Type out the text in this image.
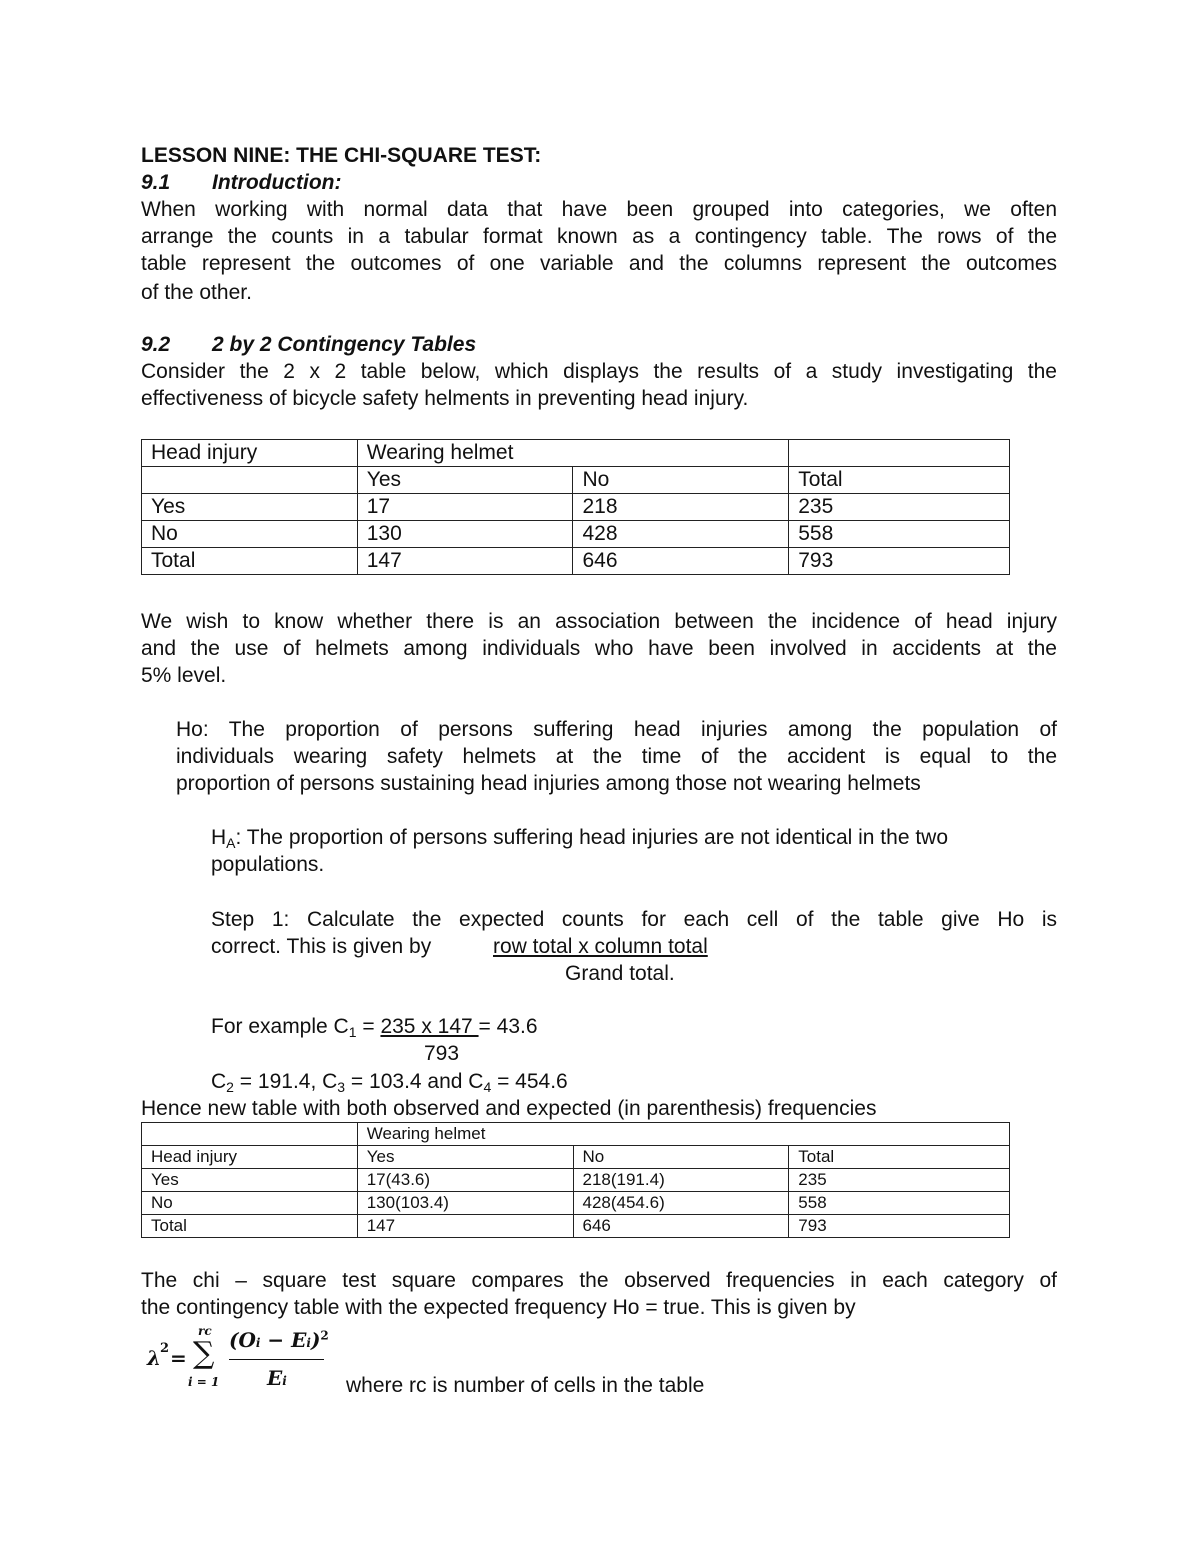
LESSON NINE: THE CHI-SQUARE TEST:
9.1 Introduction:
When working with normal data that have been grouped into categories, we often
arrange the counts in a tabular format known as a contingency table. The rows of the
table represent the outcomes of one variable and the columns represent the outcomes
of the other.
9.2 2 by 2 Contingency Tables
Consider the 2 x 2 table below, which displays the results of a study investigating the
effectiveness of bicycle safety helments in preventing head injury.
Head injury	Wearing helmet		
	Yes	No	Total
Yes	17	218	235
No	130	428	558
Total	147	646	793
We wish to know whether there is an association between the incidence of head injury
and the use of helmets among individuals who have been involved in accidents at the
5% level.
Ho: The proportion of persons suffering head injuries among the population of
individuals wearing safety helmets at the time of the accident is equal to the
proportion of persons sustaining head injuries among those not wearing helmets
HA: The proportion of persons suffering head injuries are not identical in the two
populations.
Step 1: Calculate the expected counts for each cell of the table give Ho is
correct. This is given by	row total x column total
Grand total.
For example C1 = 235 x 147 = 43.6
793
C2 = 191.4, C3 = 103.4 and C4 = 454.6
Hence new table with both observed and expected (in parenthesis) frequencies
	Wearing helmet		
Head injury	Yes	No	Total
Yes	17(43.6)	218(191.4)	235
No	130(103.4)	428(454.6)	558
Total	147	646	793
The chi – square test square compares the observed frequencies in each category of
the contingency table with the expected frequency Ho = true. This is given by
λ
2 = ∑
rc
i = 1
$(Oi - Ei)^2$
Ei	where rc is number of cells in the table
